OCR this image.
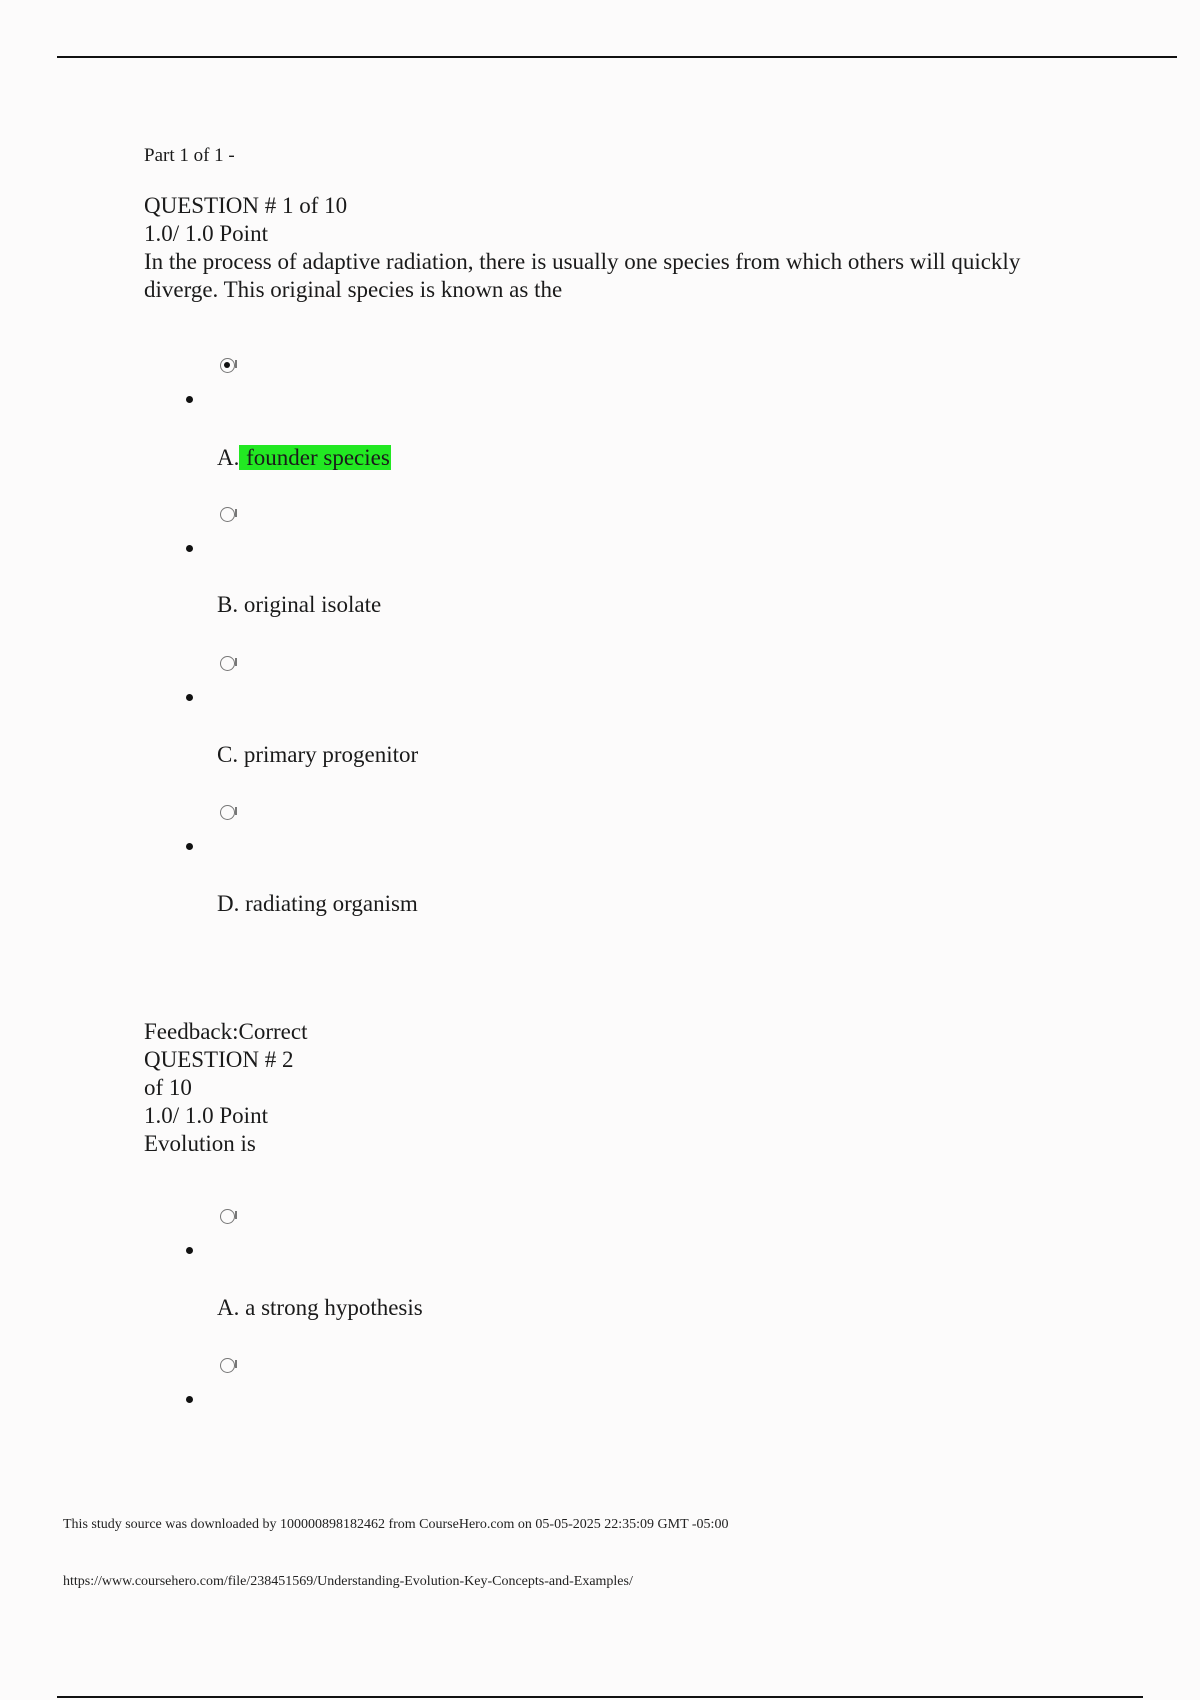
Part 1 of 1 -
QUESTION # 1 of 10
1.0/ 1.0 Point
In the process of adaptive radiation, there is usually one species from which others will quickly diverge. This original species is known as the
A. founder species
B. original isolate
C. primary progenitor
D. radiating organism
Feedback:Correct
QUESTION # 2
of 10
1.0/ 1.0 Point
Evolution is
A. a strong hypothesis
This study source was downloaded by 100000898182462 from CourseHero.com on 05-05-2025 22:35:09 GMT -05:00
https://www.coursehero.com/file/238451569/Understanding-Evolution-Key-Concepts-and-Examples/
